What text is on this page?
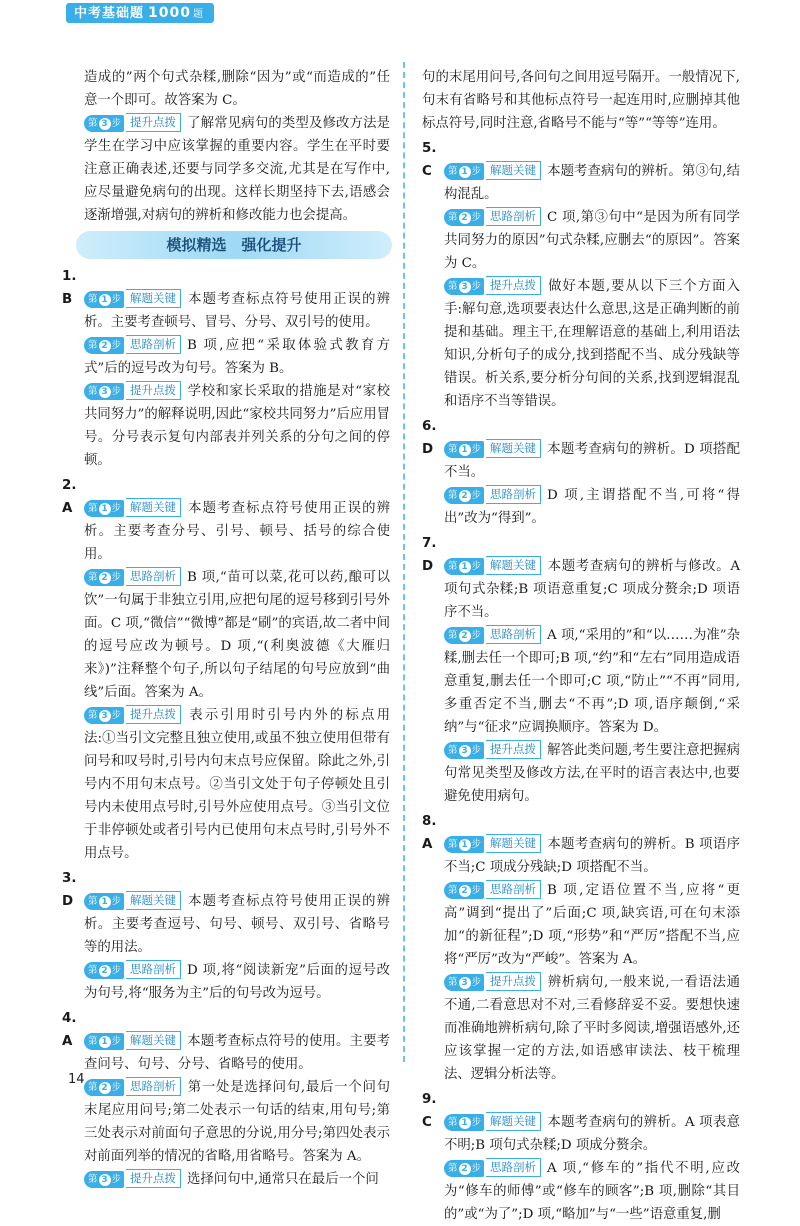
中考基础题 1000 题

造成的”两个句式杂糅,删除“因为”或“而造成的”任意一个即可。故答案为 C。

第 3 步 提升点拨 了解常见病句的类型及修改方法是学生在学习中应该掌握的重要内容。学生在平时要注意正确表述,还要与同学多交流,尤其是在写作中,应尽量避免病句的出现。这样长期坚持下去,语感会逐渐增强,对病句的辨析和修改能力也会提高。

模拟精选　强化提升

1. B 第 1 步 解题关键 本题考查标点符号使用正误的辨析。主要考查顿号、冒号、分号、双引号的使用。

第 2 步 思路剖析 B 项,应把“采取体验式教育方式”后的逗号改为句号。答案为 B。

第 3 步 提升点拨 学校和家长采取的措施是对“家校共同努力”的解释说明,因此“家校共同努力”后应用冒号。分号表示复句内部表并列关系的分句之间的停顿。

2. A 第 1 步 解题关键 本题考查标点符号使用正误的辨析。主要考查分号、引号、顿号、括号的综合使用。

第 2 步 思路剖析 B 项,“苗可以菜,花可以药,酿可以饮”一句属于非独立引用,应把句尾的逗号移到引号外面。C 项,“微信”“微博”都是“刷”的宾语,故二者中间的逗号应改为顿号。D 项,“(利奥波德《大雁归来》)”注释整个句子,所以句子结尾的句号应放到“曲线”后面。答案为 A。

第 3 步 提升点拨 表示引用时引号内外的标点用法:①当引文完整且独立使用,或虽不独立使用但带有问号和叹号时,引号内句末点号应保留。除此之外,引号内不用句末点号。②当引文处于句子停顿处且引号内未使用点号时,引号外应使用点号。③当引文位于非停顿处或者引号内已使用句末点号时,引号外不用点号。

3. D 第 1 步 解题关键 本题考查标点符号使用正误的辨析。主要考查逗号、句号、顿号、双引号、省略号等的用法。

第 2 步 思路剖析 D 项,将“阅读新宠”后面的逗号改为句号,将“服务为主”后的句号改为逗号。

4. A 第 1 步 解题关键 本题考查标点符号的使用。主要考查问号、句号、分号、省略号的使用。

第 2 步 思路剖析 第一处是选择问句,最后一个问句末尾应用问号;第二处表示一句话的结束,用句号;第三处表示对前面句子意思的分说,用分号;第四处表示对前面列举的情况的省略,用省略号。答案为 A。

第 3 步 提升点拨 选择问句中,通常只在最后一个问

句的末尾用问号,各问句之间用逗号隔开。一般情况下,句末有省略号和其他标点符号一起连用时,应删掉其他标点符号,同时注意,省略号不能与“等”“等等”连用。

5. C 第 1 步 解题关键 本题考查病句的辨析。第③句,结构混乱。

第 2 步 思路剖析 C 项,第③句中“是因为所有同学共同努力的原因”句式杂糅,应删去“的原因”。答案为 C。

第 3 步 提升点拨 做好本题,要从以下三个方面入手:解句意,选项要表达什么意思,这是正确判断的前提和基础。理主干,在理解语意的基础上,利用语法知识,分析句子的成分,找到搭配不当、成分残缺等错误。析关系,要分析分句间的关系,找到逻辑混乱和语序不当等错误。

6. D 第 1 步 解题关键 本题考查病句的辨析。D 项搭配不当。

第 2 步 思路剖析 D 项,主谓搭配不当,可将“得出”改为“得到”。

7. D 第 1 步 解题关键 本题考查病句的辨析与修改。A 项句式杂糅;B 项语意重复;C 项成分赘余;D 项语序不当。

第 2 步 思路剖析 A 项,“采用的”和“以……为准”杂糅,删去任一个即可;B 项,“约”和“左右”同用造成语意重复,删去任一个即可;C 项,“防止”“不再”同用,多重否定不当,删去“不再”;D 项,语序颠倒,“采纳”与“征求”应调换顺序。答案为 D。

第 3 步 提升点拨 解答此类问题,考生要注意把握病句常见类型及修改方法,在平时的语言表达中,也要避免使用病句。

8. A 第 1 步 解题关键 本题考查病句的辨析。B 项语序不当;C 项成分残缺;D 项搭配不当。

第 2 步 思路剖析 B 项,定语位置不当,应将“更高”调到“提出了”后面;C 项,缺宾语,可在句末添加“的新征程”;D 项,“形势”和“严厉”搭配不当,应将“严厉”改为“严峻”。答案为 A。

第 3 步 提升点拨 辨析病句,一般来说,一看语法通不通,二看意思对不对,三看修辞妥不妥。要想快速而准确地辨析病句,除了平时多阅读,增强语感外,还应该掌握一定的方法,如语感审读法、枝干梳理法、逻辑分析法等。

9. C 第 1 步 解题关键 本题考查病句的辨析。A 项表意不明;B 项句式杂糅;D 项成分赘余。

第 2 步 思路剖析 A 项,“修车的”指代不明,应改为“修车的师傅”或“修车的顾客”;B 项,删除“其目的”或“为了”;D 项,“略加”与“一些”语意重复,删

14
